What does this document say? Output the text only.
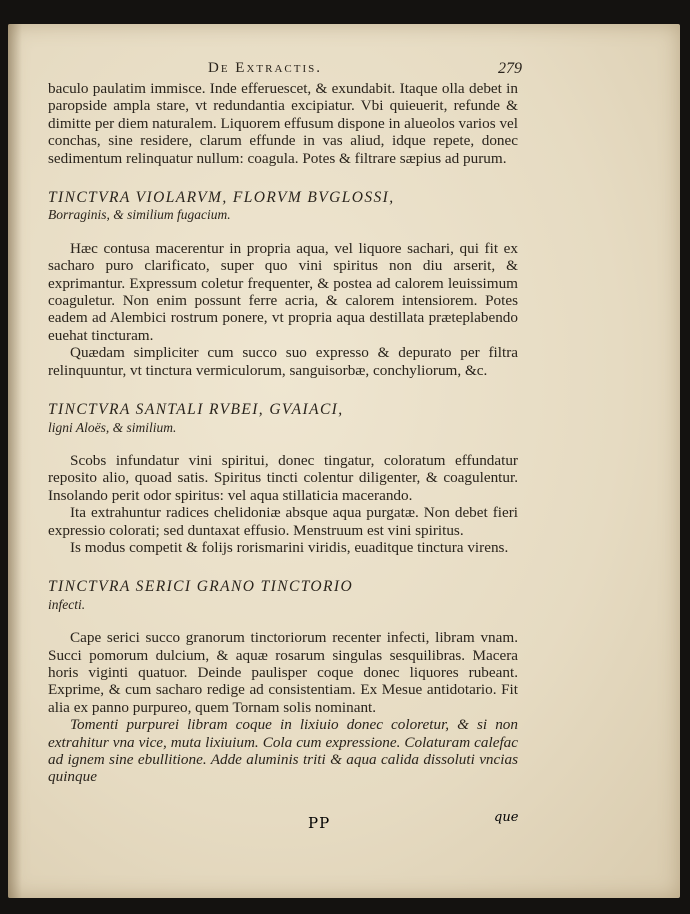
De Extractis.	279

baculo paulatim immisce. Inde efferuescet, & exundabit. Itaque olla debet in paropside ampla stare, vt redundantia excipiatur. Vbi quieuerit, refunde & dimitte per diem naturalem. Liquorem effusum dispone in alueolos varios vel conchas, sine residere, clarum effunde in vas aliud, idque repete, donec sedimentum relinquatur nullum: coagula. Potes & filtrare sæpius ad purum.

TINCTVRA VIOLARVM, FLORVM BVGLOSSI,

Borraginis, & similium fugacium.

Hæc contusa macerentur in propria aqua, vel liquore sachari, qui fit ex sacharo puro clarificato, super quo vini spiritus non diu arserit, & exprimantur. Expressum coletur frequenter, & postea ad calorem leuissimum coaguletur. Non enim possunt ferre acria, & calorem intensiorem. Potes eadem ad Alembici rostrum ponere, vt propria aqua destillata prætерlabendo euehat tincturam.

Quædam simpliciter cum succo suo expresso & depurato per filtra relinquuntur, vt tinctura vermiculorum, sanguisorbæ, conchyliorum, &c.

TINCTVRA SANTALI RVBEI, GVAIACI,

ligni Aloës, & similium.

Scobs infundatur vini spiritui, donec tingatur, coloratum effundatur reposito alio, quoad satis. Spiritus tincti colentur diligenter, & coagulentur. Insolando perit odor spiritus: vel aqua stillaticia macerando.

Ita extrahuntur radices chelidoniæ absque aqua purgatæ. Non debet fieri expressio colorati; sed duntaxat effusio. Menstruum est vini spiritus.

Is modus competit & folijs rorismarini viridis, euaditque tinctura virens.

TINCTVRA SERICI GRANO TINCTORIO

infecti.

Cape serici succo granorum tinctoriorum recenter infecti, libram vnam. Succi pomorum dulcium, & aquæ rosarum singulas sesquilibras. Macera horis viginti quatuor. Deinde paulisper coque donec liquores rubeant. Exprime, & cum sacharo redige ad consistentiam. Ex Mesue antidotario. Fit alia ex panno purpureo, quem Tornam solis nominant.

Tomenti purpurei libram coque in lixiuio donec coloretur, & si non extrahitur vna vice, muta lixiuium. Cola cum expressione. Colaturam calefac ad ignem sine ebullitione. Adde aluminis triti & aqua calida dissoluti vncias quinque

PP	que
